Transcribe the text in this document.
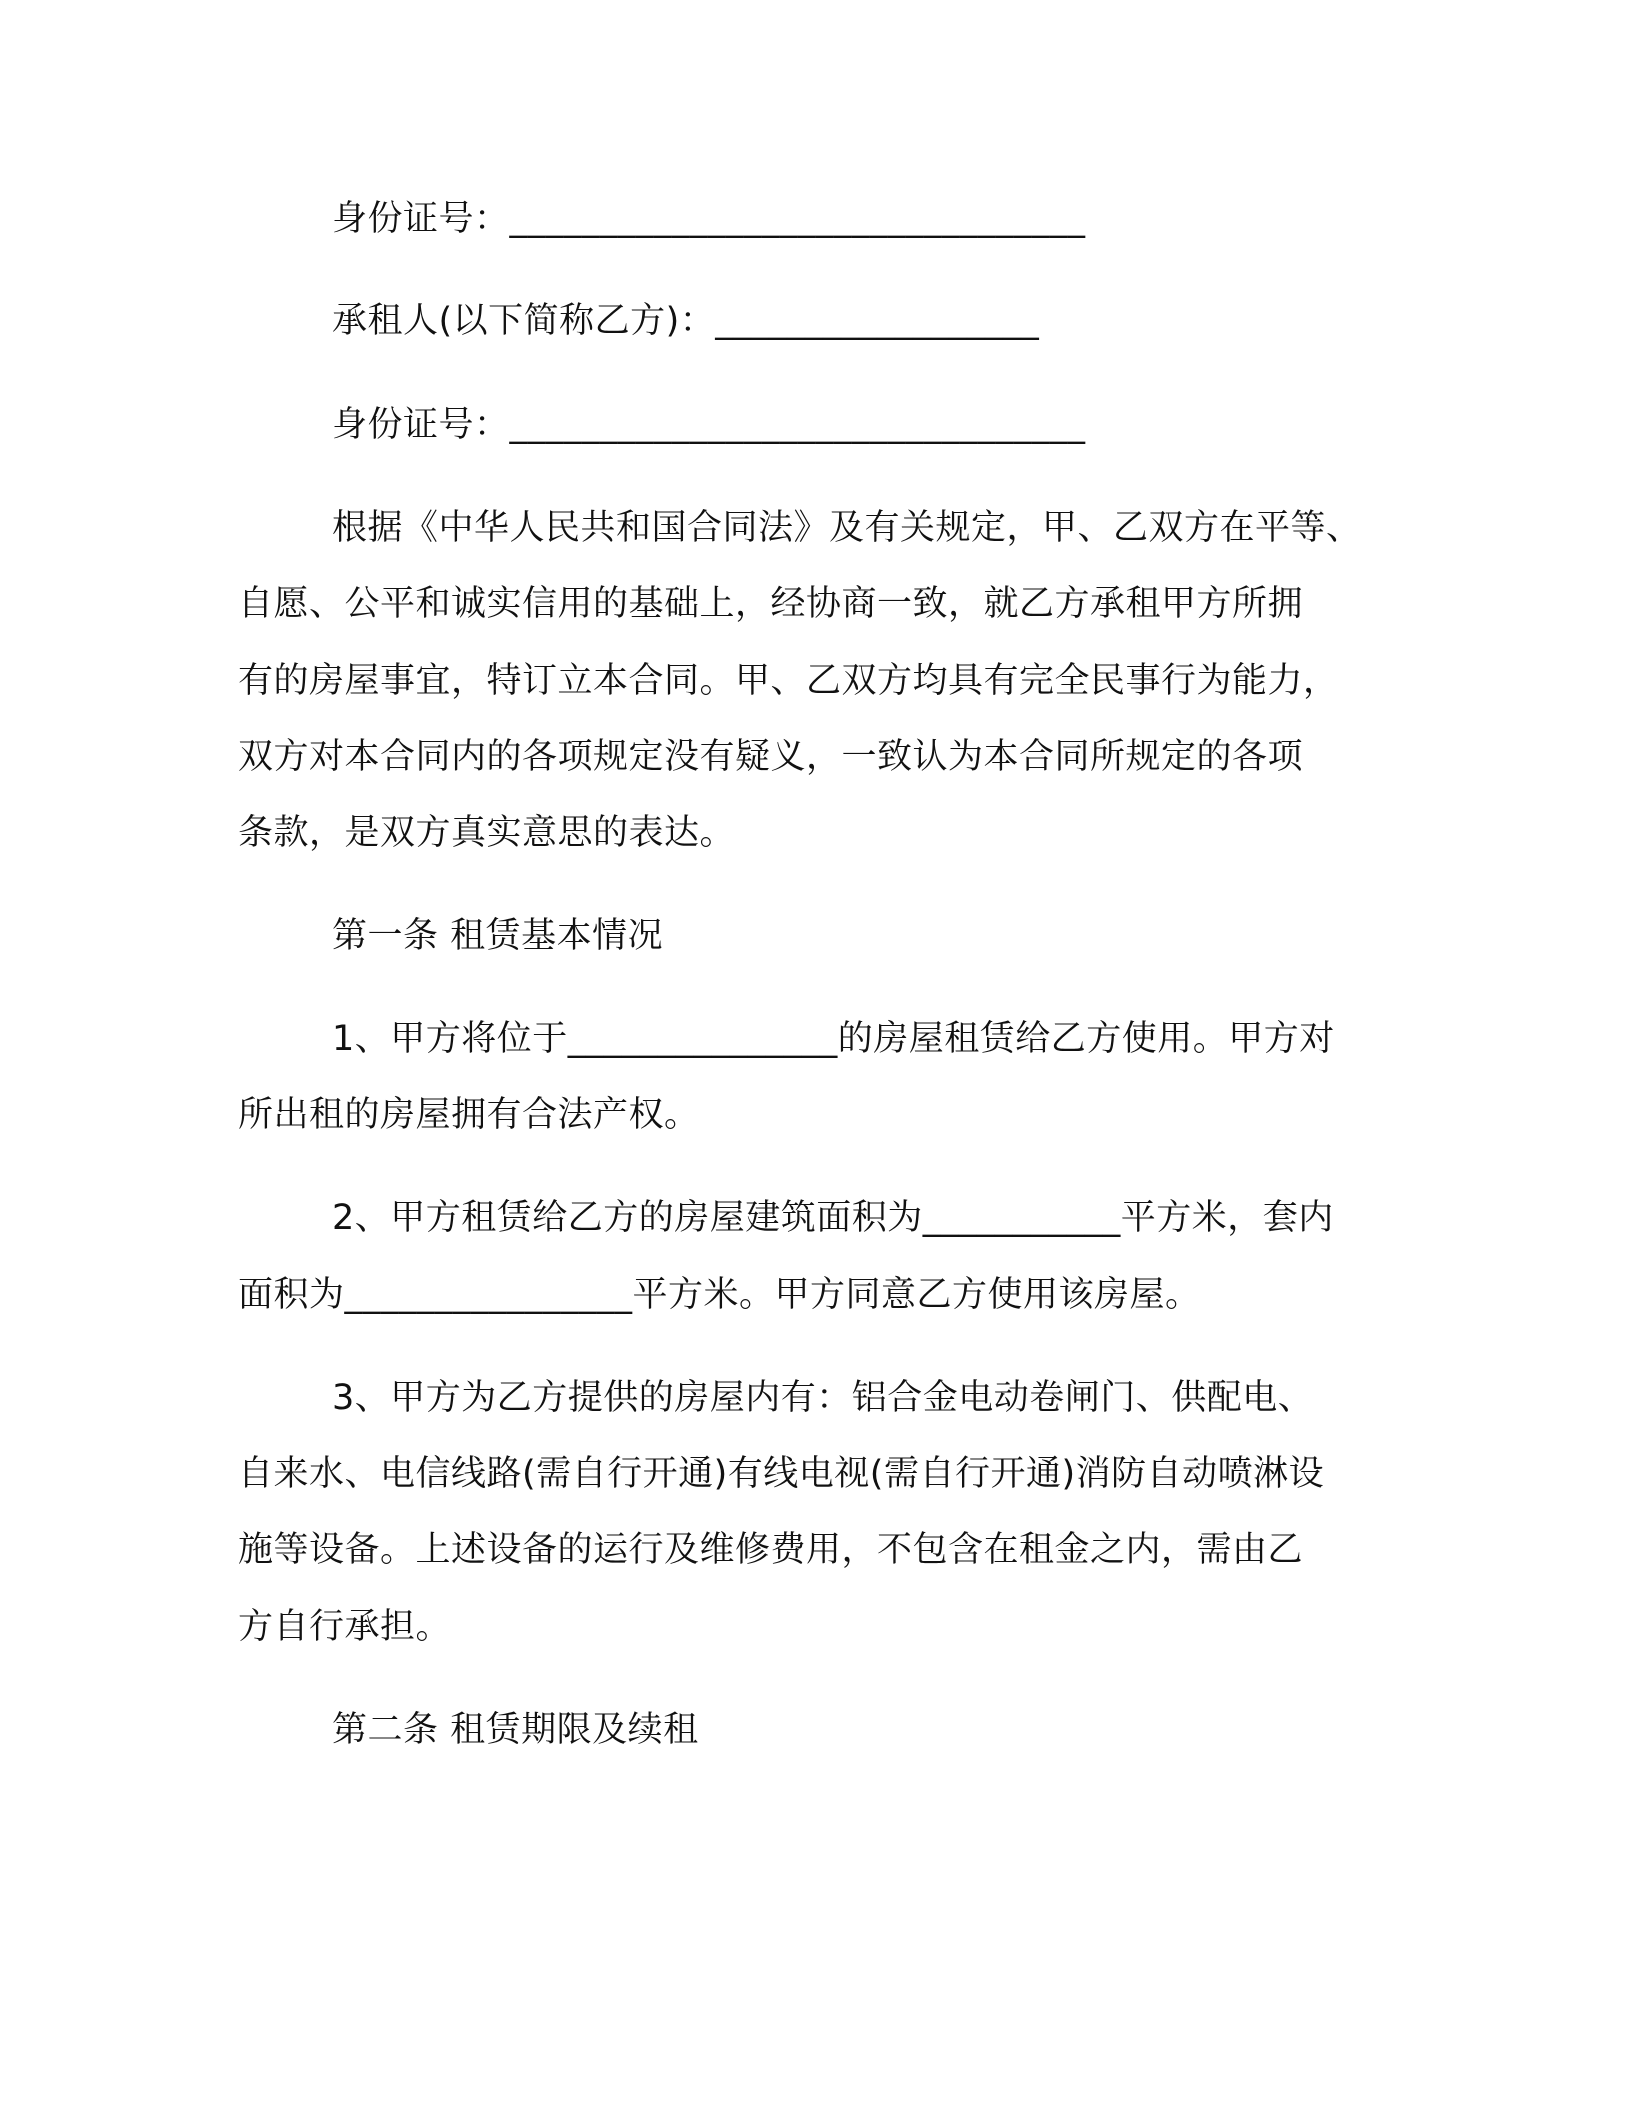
身份证号：________________________________
承租人(以下简称乙方)：__________________
身份证号：________________________________
根据《中华人民共和国合同法》及有关规定，甲、乙双方在平等、
自愿、公平和诚实信用的基础上，经协商一致，就乙方承租甲方所拥
有的房屋事宜，特订立本合同。甲、乙双方均具有完全民事行为能力，
双方对本合同内的各项规定没有疑义，一致认为本合同所规定的各项
条款，是双方真实意思的表达。
第一条 租赁基本情况
1、甲方将位于_______________的房屋租赁给乙方使用。甲方对
所出租的房屋拥有合法产权。
2、甲方租赁给乙方的房屋建筑面积为___________平方米，套内
面积为________________平方米。甲方同意乙方使用该房屋。
3、甲方为乙方提供的房屋内有：铝合金电动卷闸门、供配电、
自来水、电信线路(需自行开通)有线电视(需自行开通)消防自动喷淋设
施等设备。上述设备的运行及维修费用，不包含在租金之内，需由乙
方自行承担。
第二条 租赁期限及续租
